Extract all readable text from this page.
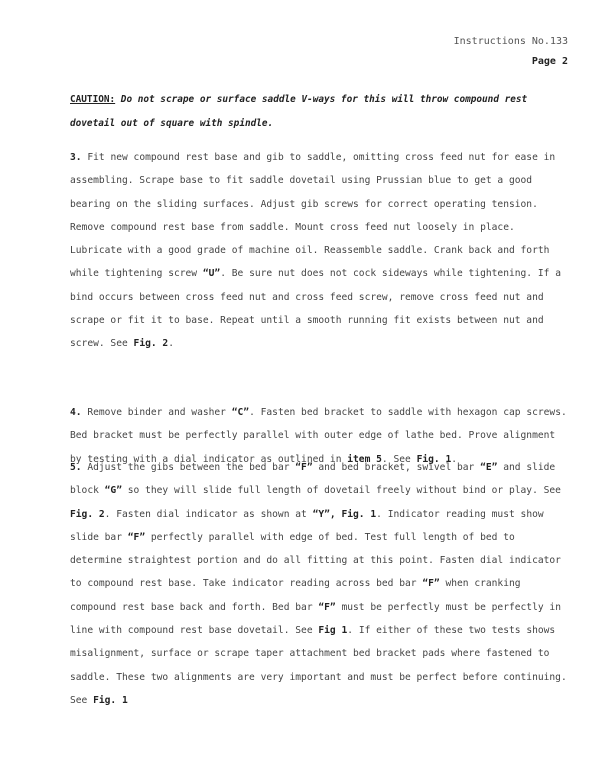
Instructions No.133
Page 2
CAUTION: Do not scrape or surface saddle V-ways for this will throw compound rest dovetail out of square with spindle.
3. Fit new compound rest base and gib to saddle, omitting cross feed nut for ease in assembling. Scrape base to fit saddle dovetail using Prussian blue to get a good bearing on the sliding surfaces. Adjust gib screws for correct operating tension. Remove compound rest base from saddle. Mount cross feed nut loosely in place. Lubricate with a good grade of machine oil. Reassemble saddle. Crank back and forth while tightening screw “U”. Be sure nut does not cock sideways while tightening. If a bind occurs between cross feed nut and cross feed screw, remove cross feed nut and scrape or fit it to base. Repeat until a smooth running fit exists between nut and screw. See Fig. 2.
4. Remove binder and washer “C”. Fasten bed bracket to saddle with hexagon cap screws. Bed bracket must be perfectly parallel with outer edge of lathe bed. Prove alignment by testing with a dial indicator as outlined in item 5. See Fig. 1.
5. Adjust the gibs between the bed bar “F” and bed bracket, swivel bar “E” and slide block “G” so they will slide full length of dovetail freely without bind or play. See Fig. 2. Fasten dial indicator as shown at “Y”, Fig. 1. Indicator reading must show slide bar “F” perfectly parallel with edge of bed. Test full length of bed to determine straightest portion and do all fitting at this point. Fasten dial indicator to compound rest base. Take indicator reading across bed bar “F” when cranking compound rest base back and forth. Bed bar “F” must be perfectly must be perfectly in line with compound rest base dovetail. See Fig 1. If either of these two tests shows misalignment, surface or scrape taper attachment bed bracket pads where fastened to saddle. These two alignments are very important and must be perfect before continuing. See Fig. 1
